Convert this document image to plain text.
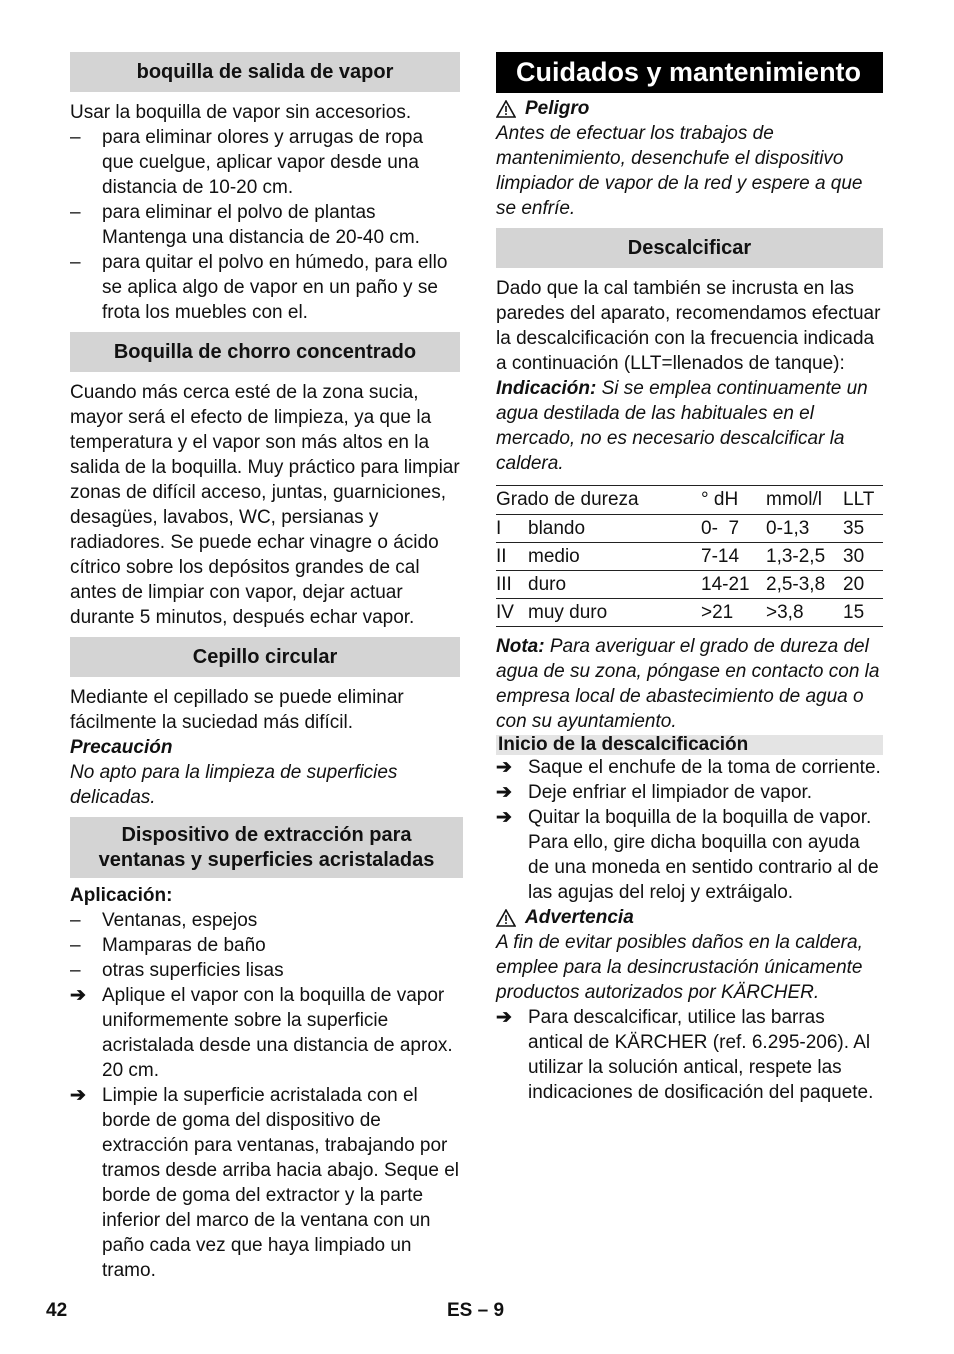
boquilla de salida de vapor

Usar la boquilla de vapor sin accesorios.

– para eliminar olores y arrugas de ropa que cuelgue, aplicar vapor desde una distancia de 10-20 cm.
– para eliminar el polvo de plantas Mantenga una distancia de 20-40 cm.
– para quitar el polvo en húmedo, para ello se aplica algo de vapor en un paño y se frota los muebles con el.
Boquilla de chorro concentrado

Cuando más cerca esté de la zona sucia, mayor será el efecto de limpieza, ya que la temperatura y el vapor son más altos en la salida de la boquilla. Muy práctico para limpiar zonas de difícil acceso, juntas, guarniciones, desagües, lavabos, WC, persianas y radiadores. Se puede echar vinagre o ácido cítrico sobre los depósitos grandes de cal antes de limpiar con vapor, dejar actuar durante 5 minutos, después echar vapor.

Cepillo circular

Mediante el cepillado se puede eliminar fácilmente la suciedad más difícil.

Precaución

No apto para la limpieza de superficies delicadas.

Dispositivo de extracción para
ventanas y superficies acristaladas

Aplicación:

– Ventanas, espejos
– Mamparas de baño
– otras superficies lisas
➔ Aplique el vapor con la boquilla de vapor uniformemente sobre la superficie acristalada desde una distancia de aprox. 20 cm.
➔ Limpie la superficie acristalada con el borde de goma del dispositivo de extracción para ventanas, trabajando por tramos desde arriba hacia abajo. Seque el borde de goma del extractor y la parte inferior del marco de la ventana con un paño cada vez que haya limpiado un tramo.
Cuidados y mantenimiento
Peligro

Antes de efectuar los trabajos de mantenimiento, desenchufe el dispositivo limpiador de vapor de la red y espere a que se enfríe.

Descalcificar

Dado que la cal también se incrusta en las paredes del aparato, recomendamos efectuar la descalcificación con la frecuencia indicada a continuación (LLT=llenados de tanque):

Indicación: Si se emplea continuamente un agua destilada de las habituales en el mercado, no es necesario descalcificar la caldera.

Grado de dureza		° dH	mmol/l	LLT
I	blando	0-  7	0-1,3	35
II	medio	7-14	1,3-2,5	30
III	duro	14-21	2,5-3,8	20
IV	muy duro	>21	>3,8	15

Nota: Para averiguar el grado de dureza del agua de su zona, póngase en contacto con la empresa local de abastecimiento de agua o con su ayuntamiento.

Inicio de la descalcificación
➔ Saque el enchufe de la toma de corriente.
➔ Deje enfriar el limpiador de vapor.
➔ Quitar la boquilla de la boquilla de vapor. Para ello, gire dicha boquilla con ayuda de una moneda en sentido contrario al de las agujas del reloj y extráigalo.
Advertencia

A fin de evitar posibles daños en la caldera, emplee para la desincrustación únicamente productos autorizados por KÄRCHER.

➔ Para descalcificar, utilice las barras antical de KÄRCHER (ref. 6.295-206). Al utilizar la solución antical, respete las indicaciones de dosificación del paquete.
42	ES – 9
